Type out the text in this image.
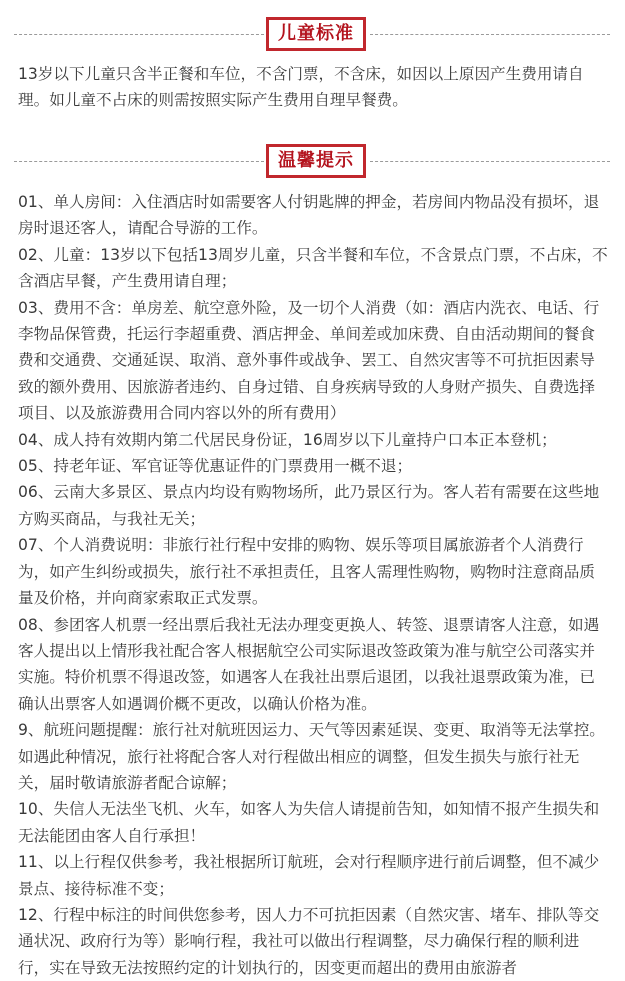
儿童标准

13岁以下儿童只含半正餐和车位，不含门票，不含床，如因以上原因产生费用请自理。如儿童不占床的则需按照实际产生费用自理早餐费。

温馨提示

01、单人房间：入住酒店时如需要客人付钥匙牌的押金，若房间内物品没有损坏，退房时退还客人，请配合导游的工作。

02、儿童：13岁以下包括13周岁儿童，只含半餐和车位，不含景点门票，不占床，不含酒店早餐，产生费用请自理；

03、费用不含：单房差、航空意外险，及一切个人消费（如：酒店内洗衣、电话、行李物品保管费，托运行李超重费、酒店押金、单间差或加床费、自由活动期间的餐食费和交通费、交通延误、取消、意外事件或战争、罢工、自然灾害等不可抗拒因素导致的额外费用、因旅游者违约、自身过错、自身疾病导致的人身财产损失、自费选择项目、以及旅游费用合同内容以外的所有费用）

04、成人持有效期内第二代居民身份证，16周岁以下儿童持户口本正本登机；

05、持老年证、军官证等优惠证件的门票费用一概不退；

06、云南大多景区、景点内均设有购物场所，此乃景区行为。客人若有需要在这些地方购买商品，与我社无关；

07、个人消费说明：非旅行社行程中安排的购物、娱乐等项目属旅游者个人消费行为，如产生纠纷或损失，旅行社不承担责任，且客人需理性购物，购物时注意商品质量及价格，并向商家索取正式发票。

08、参团客人机票一经出票后我社无法办理变更换人、转签、退票请客人注意，如遇客人提出以上情形我社配合客人根据航空公司实际退改签政策为准与航空公司落实并实施。特价机票不得退改签，如遇客人在我社出票后退团，以我社退票政策为准，已确认出票客人如遇调价概不更改，以确认价格为准。

9、航班问题提醒：旅行社对航班因运力、天气等因素延误、变更、取消等无法掌控。如遇此种情况，旅行社将配合客人对行程做出相应的调整，但发生损失与旅行社无关，届时敬请旅游者配合谅解；

10、失信人无法坐飞机、火车，如客人为失信人请提前告知，如知情不报产生损失和无法能团由客人自行承担！

11、以上行程仅供参考，我社根据所订航班，会对行程顺序进行前后调整，但不减少景点、接待标准不变；

12、行程中标注的时间供您参考，因人力不可抗拒因素（自然灾害、堵车、排队等交通状况、政府行为等）影响行程，我社可以做出行程调整，尽力确保行程的顺利进行，实在导致无法按照约定的计划执行的，因变更而超出的费用由旅游者
